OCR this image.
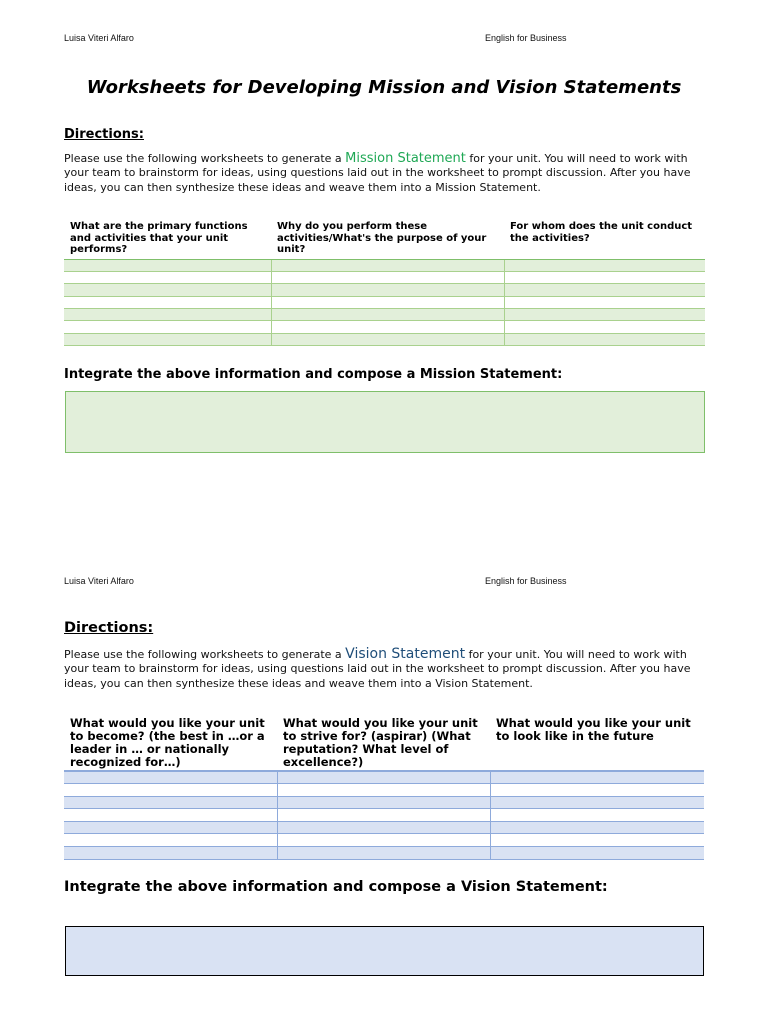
Luisa Viteri Alfaro	English for Business
Worksheets for Developing Mission and Vision Statements
Directions:
Please use the following worksheets to generate a Mission Statement for your unit. You will need to work with your team to brainstorm for ideas, using questions laid out in the worksheet to prompt discussion. After you have ideas, you can then synthesize these ideas and weave them into a Mission Statement.
What are the primary functions and activities that your unit performs?	Why do you perform these activities/What's the purpose of your unit?	For whom does the unit conduct the activities?

Integrate the above information and compose a Mission Statement:
Luisa Viteri Alfaro	English for Business
Directions:
Please use the following worksheets to generate a Vision Statement for your unit. You will need to work with your team to brainstorm for ideas, using questions laid out in the worksheet to prompt discussion. After you have ideas, you can then synthesize these ideas and weave them into a Vision Statement.
What would you like your unit to become? (the best in …or a leader in … or nationally recognized for…)	What would you like your unit to strive for? (aspirar) (What reputation? What level of excellence?)	What would you like your unit to look like in the future

Integrate the above information and compose a Vision Statement:
